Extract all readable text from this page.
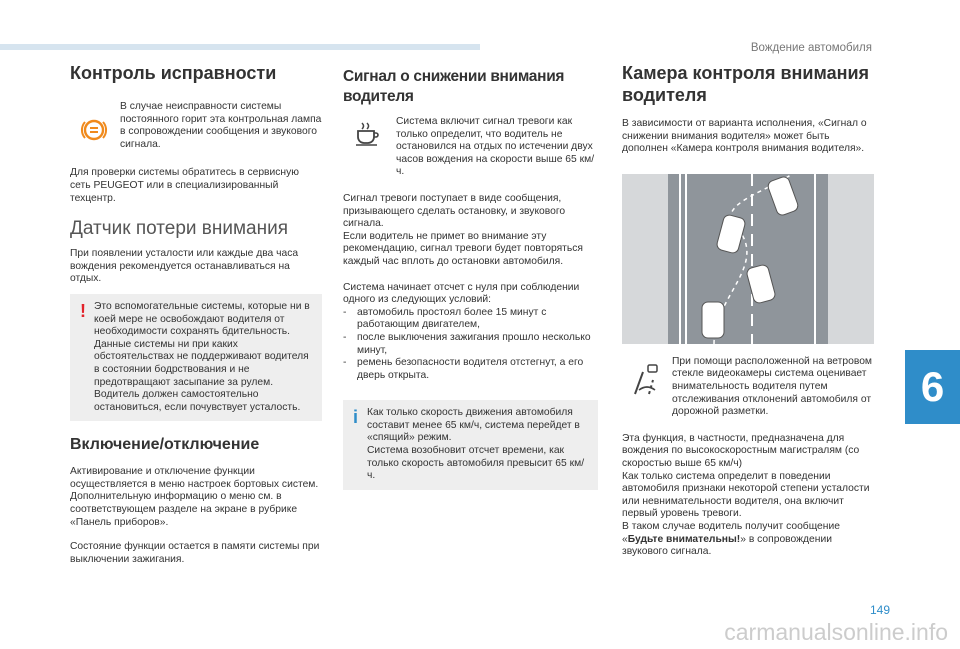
Вождение автомобиля
6
149
carmanualsonline.info
Контроль исправности

В случае неисправности системы постоянного горит эта контрольная лампа в сопровождении сообщения и звукового сигнала.

Для проверки системы обратитесь в сервисную сеть PEUGEOT или в специализированный техцентр.

Датчик потери внимания

При появлении усталости или каждые два часа вождения рекомендуется останавливаться на отдых.

! Это вспомогательные системы, которые ни в коей мере не освобождают водителя от необходимости сохранять бдительность. Данные системы ни при каких обстоятельствах не поддерживают водителя в состоянии бодрствования и не предотвращают засыпание за рулем. Водитель должен самостоятельно остановиться, если почувствует усталость.

Включение/отключение

Активирование и отключение функции осуществляется в меню настроек бортовых систем. Дополнительную информацию о меню см. в соответствующем разделе на экране в рубрике «Панель приборов».

Состояние функции остается в памяти системы при выключении зажигания.

Сигнал о снижении внимания водителя

Система включит сигнал тревоги как только определит, что водитель не остановился на отдых по истечении двух часов вождения на скорости выше 65 км/ч.

Сигнал тревоги поступает в виде сообщения, призывающего сделать остановку, и звукового сигнала.

Если водитель не примет во внимание эту рекомендацию, сигнал тревоги будет повторяться каждый час вплоть до остановки автомобиля.

Система начинает отсчет с нуля при соблюдении одного из следующих условий:

- автомобиль простоял более 15 минут с работающим двигателем,
- после выключения зажигания прошло несколько минут,
- ремень безопасности водителя отстегнут, а его дверь открыта.
i Как только скорость движения автомобиля составит менее 65 км/ч, система перейдет в «спящий» режим.

Система возобновит отсчет времени, как только скорость автомобиля превысит 65 км/ч.

Камера контроля внимания водителя

В зависимости от варианта исполнения, «Сигнал о снижении внимания водителя» может быть дополнен «Камера контроля внимания водителя».

При помощи расположенной на ветровом стекле видеокамеры система оценивает внимательность водителя путем отслеживания отклонений автомобиля от дорожной разметки.

Эта функция, в частности, предназначена для вождения по высокоскоростным магистралям (со скоростью выше 65 км/ч)

Как только система определит в поведении автомобиля признаки некоторой степени усталости или невнимательности водителя, она включит первый уровень тревоги.

В таком случае водитель получит сообщение «Будьте внимательны!» в сопровождении звукового сигнала.
